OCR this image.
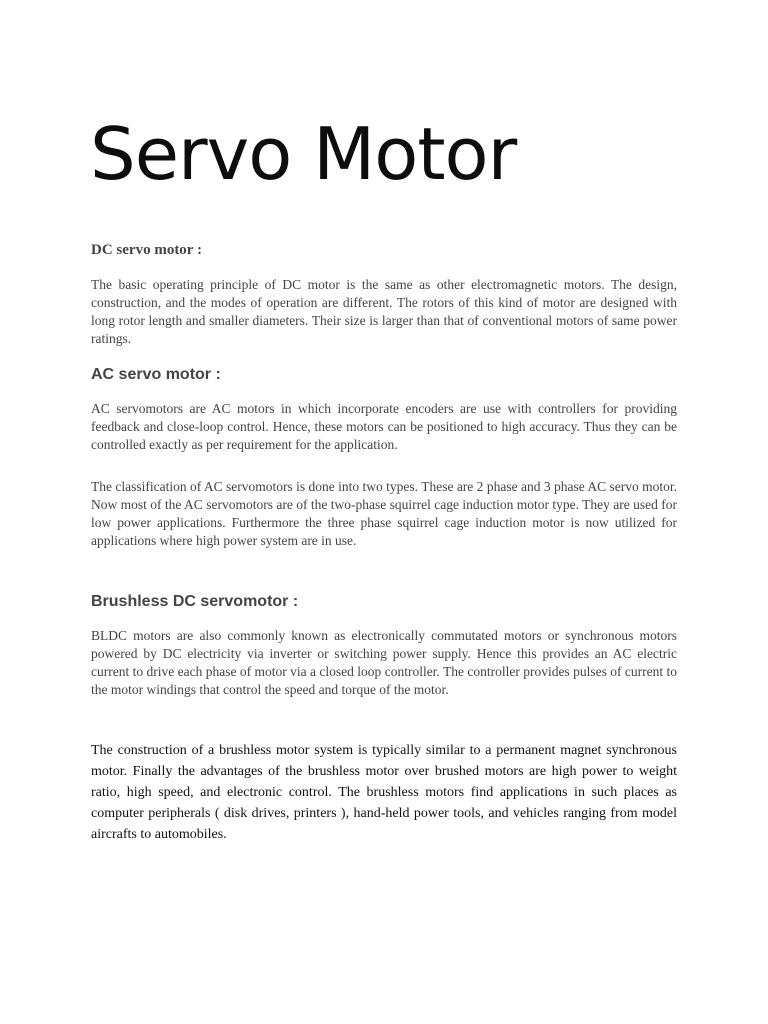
Servo Motor
DC servo motor :

The basic operating principle of DC motor is the same as other electromagnetic motors. The design, construction, and the modes of operation are different. The rotors of this kind of motor are designed with long rotor length and smaller diameters. Their size is larger than that of conventional motors of same power ratings.

AC servo motor :

AC servomotors are AC motors in which incorporate encoders are use with controllers for providing feedback and close-loop control. Hence, these motors can be positioned to high accuracy. Thus they can be controlled exactly as per requirement for the application.

The classification of AC servomotors is done into two types. These are 2 phase and 3 phase AC servo motor. Now most of the AC servomotors are of the two-phase squirrel cage induction motor type. They are used for low power applications. Furthermore the three phase squirrel cage induction motor is now utilized for applications where high power system are in use.

Brushless DC servomotor :

BLDC motors are also commonly known as electronically commutated motors or synchronous motors powered by DC electricity via inverter or switching power supply. Hence this provides an AC electric current to drive each phase of motor via a closed loop controller. The controller provides pulses of current to the motor windings that control the speed and torque of the motor.

The construction of a brushless motor system is typically similar to a permanent magnet synchronous motor. Finally the advantages of the brushless motor over brushed motors are high power to weight ratio, high speed, and electronic control. The brushless motors find applications in such places as computer peripherals ( disk drives, printers ), hand-held power tools, and vehicles ranging from model aircrafts to automobiles.
